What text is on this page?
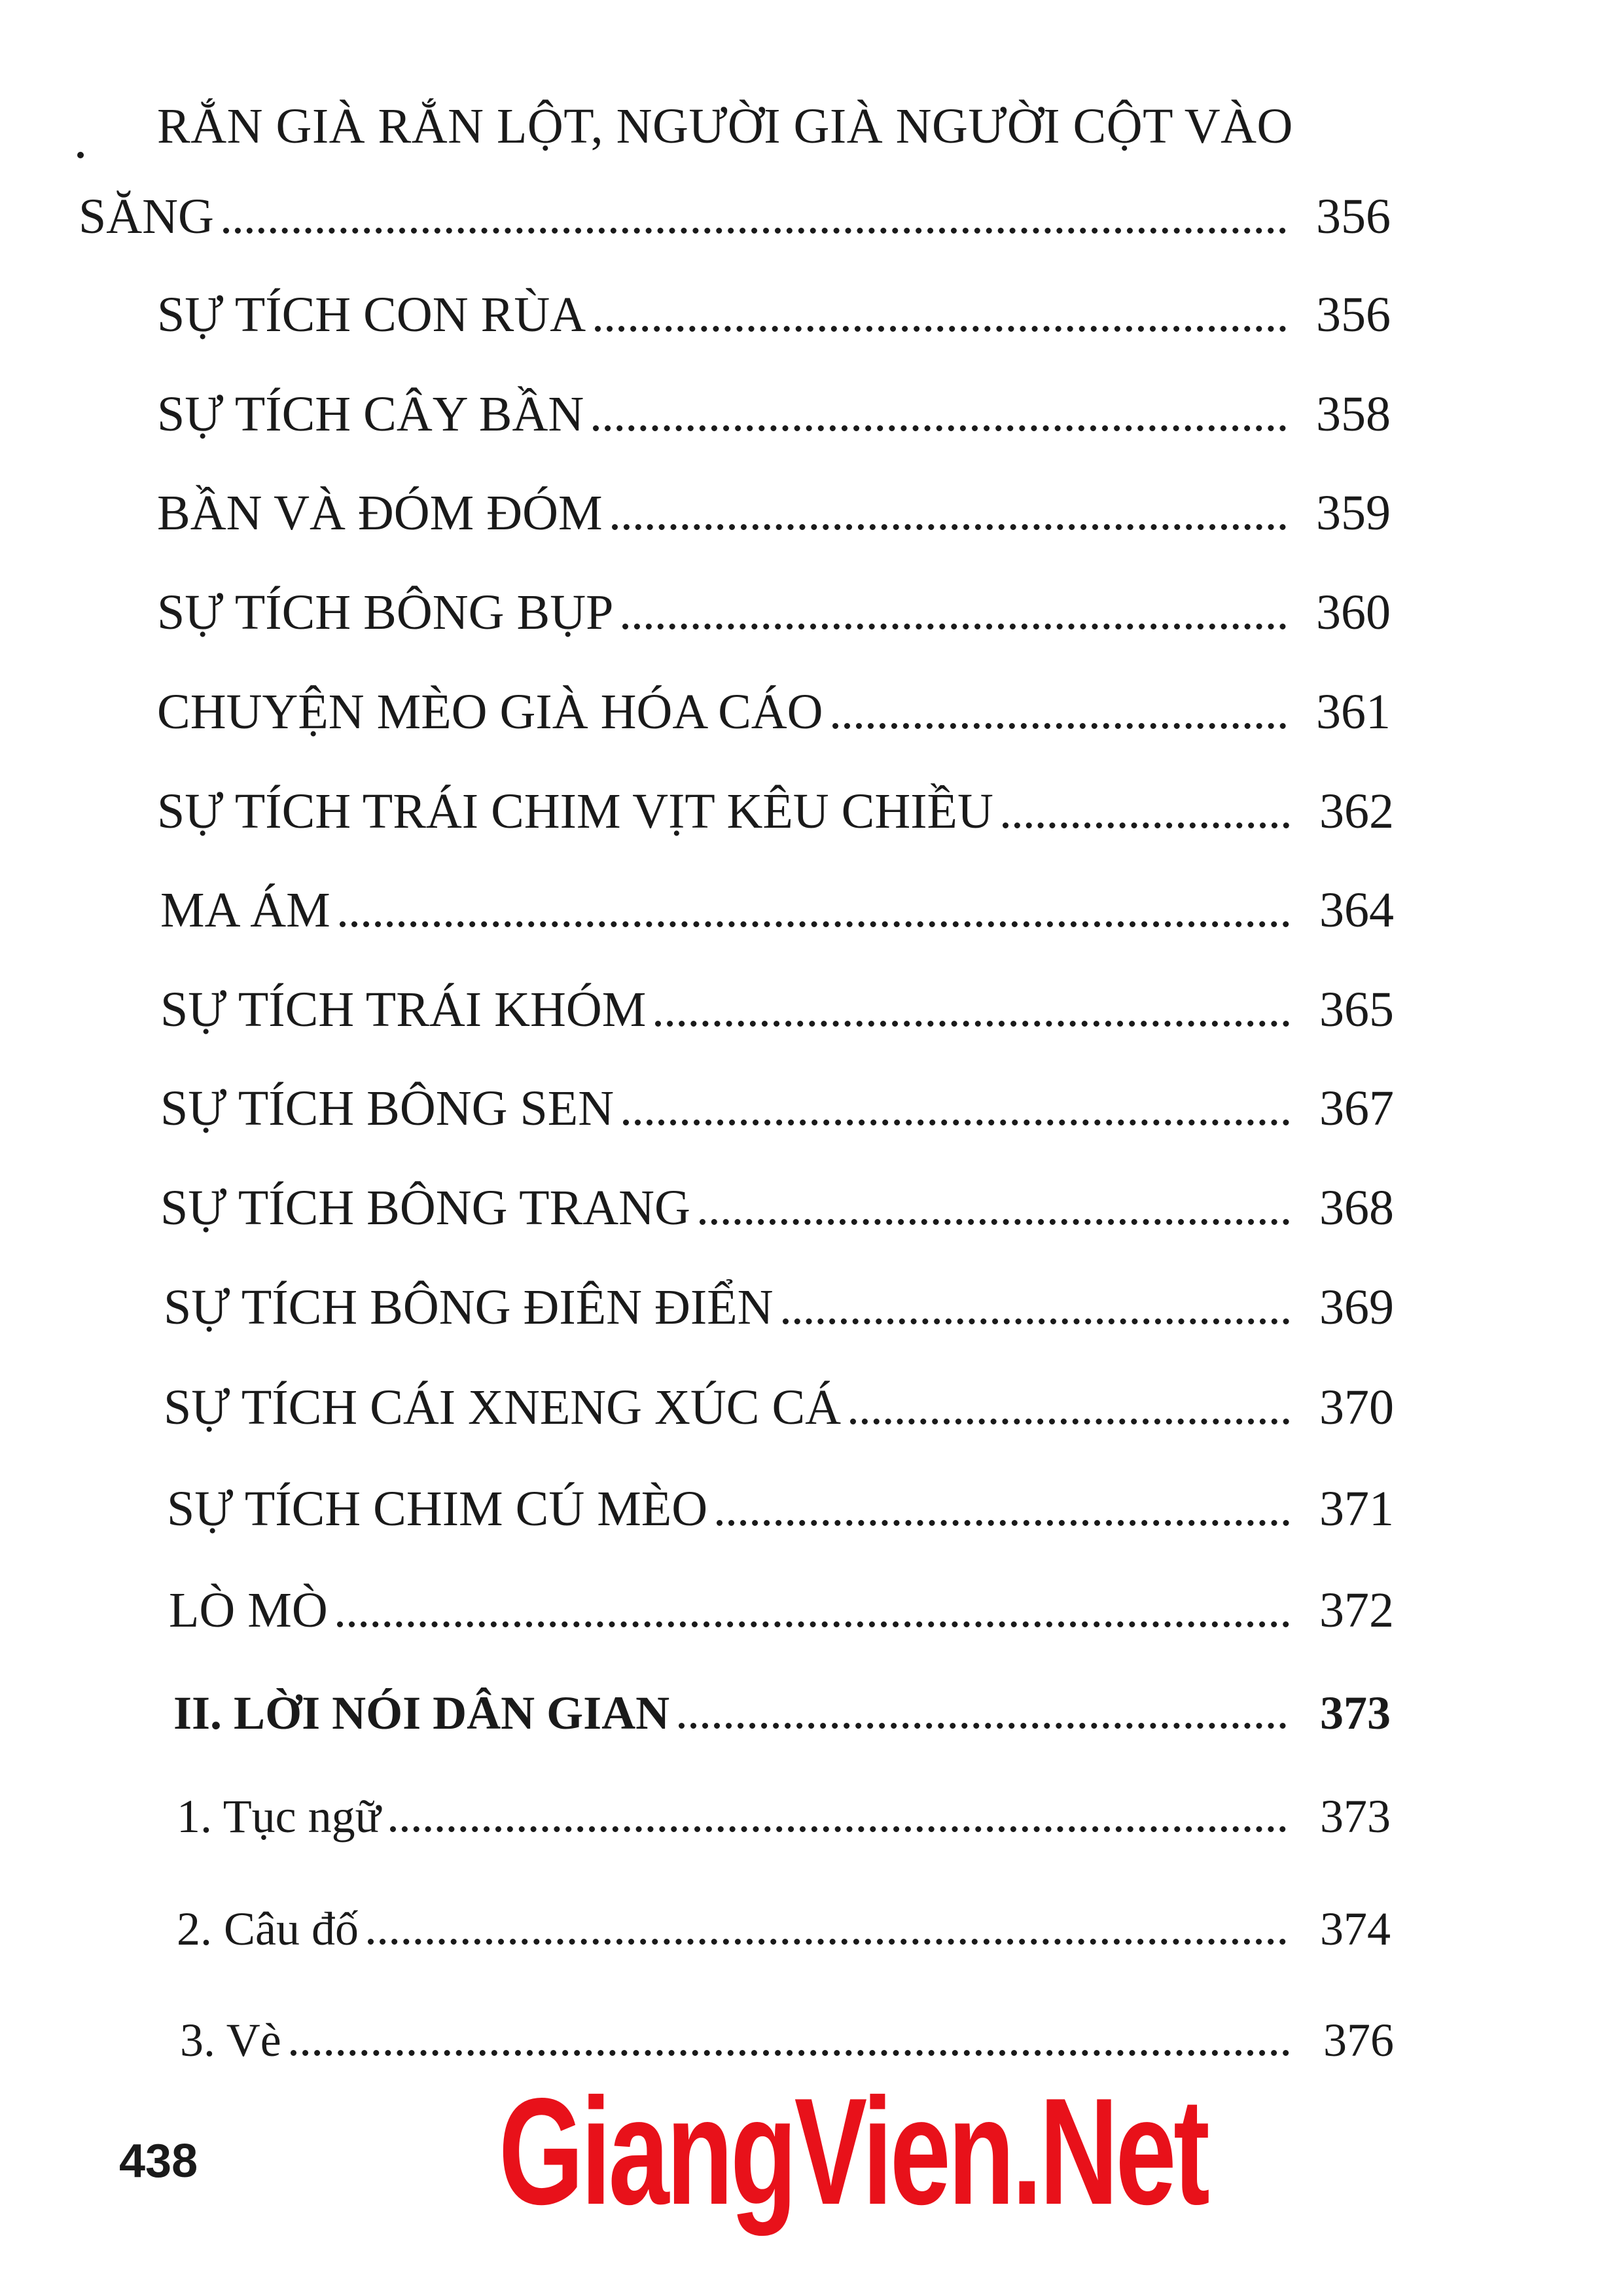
RẮN GIÀ RẮN LỘT, NGƯỜI GIÀ NGƯỜI CỘT VÀO
SĂNG	356
SỰ TÍCH CON RÙA	356
SỰ TÍCH CÂY BẦN	358
BẦN VÀ ĐÓM ĐÓM	359
SỰ TÍCH BÔNG BỤP	360
CHUYỆN MÈO GIÀ HÓA CÁO	361
SỰ TÍCH TRÁI CHIM VỊT KÊU CHIỀU	362
MA ÁM	364
SỰ TÍCH TRÁI KHÓM	365
SỰ TÍCH BÔNG SEN	367
SỰ TÍCH BÔNG TRANG	368
SỰ TÍCH BÔNG ĐIÊN ĐIỂN	369
SỰ TÍCH CÁI XNENG XÚC CÁ	370
SỰ TÍCH CHIM CÚ MÈO	371
LÒ MÒ	372
II. LỜI NÓI DÂN GIAN	373
1. Tục ngữ	373
2. Câu đố	374
3. Vè	376
438 GiangVien.Net
